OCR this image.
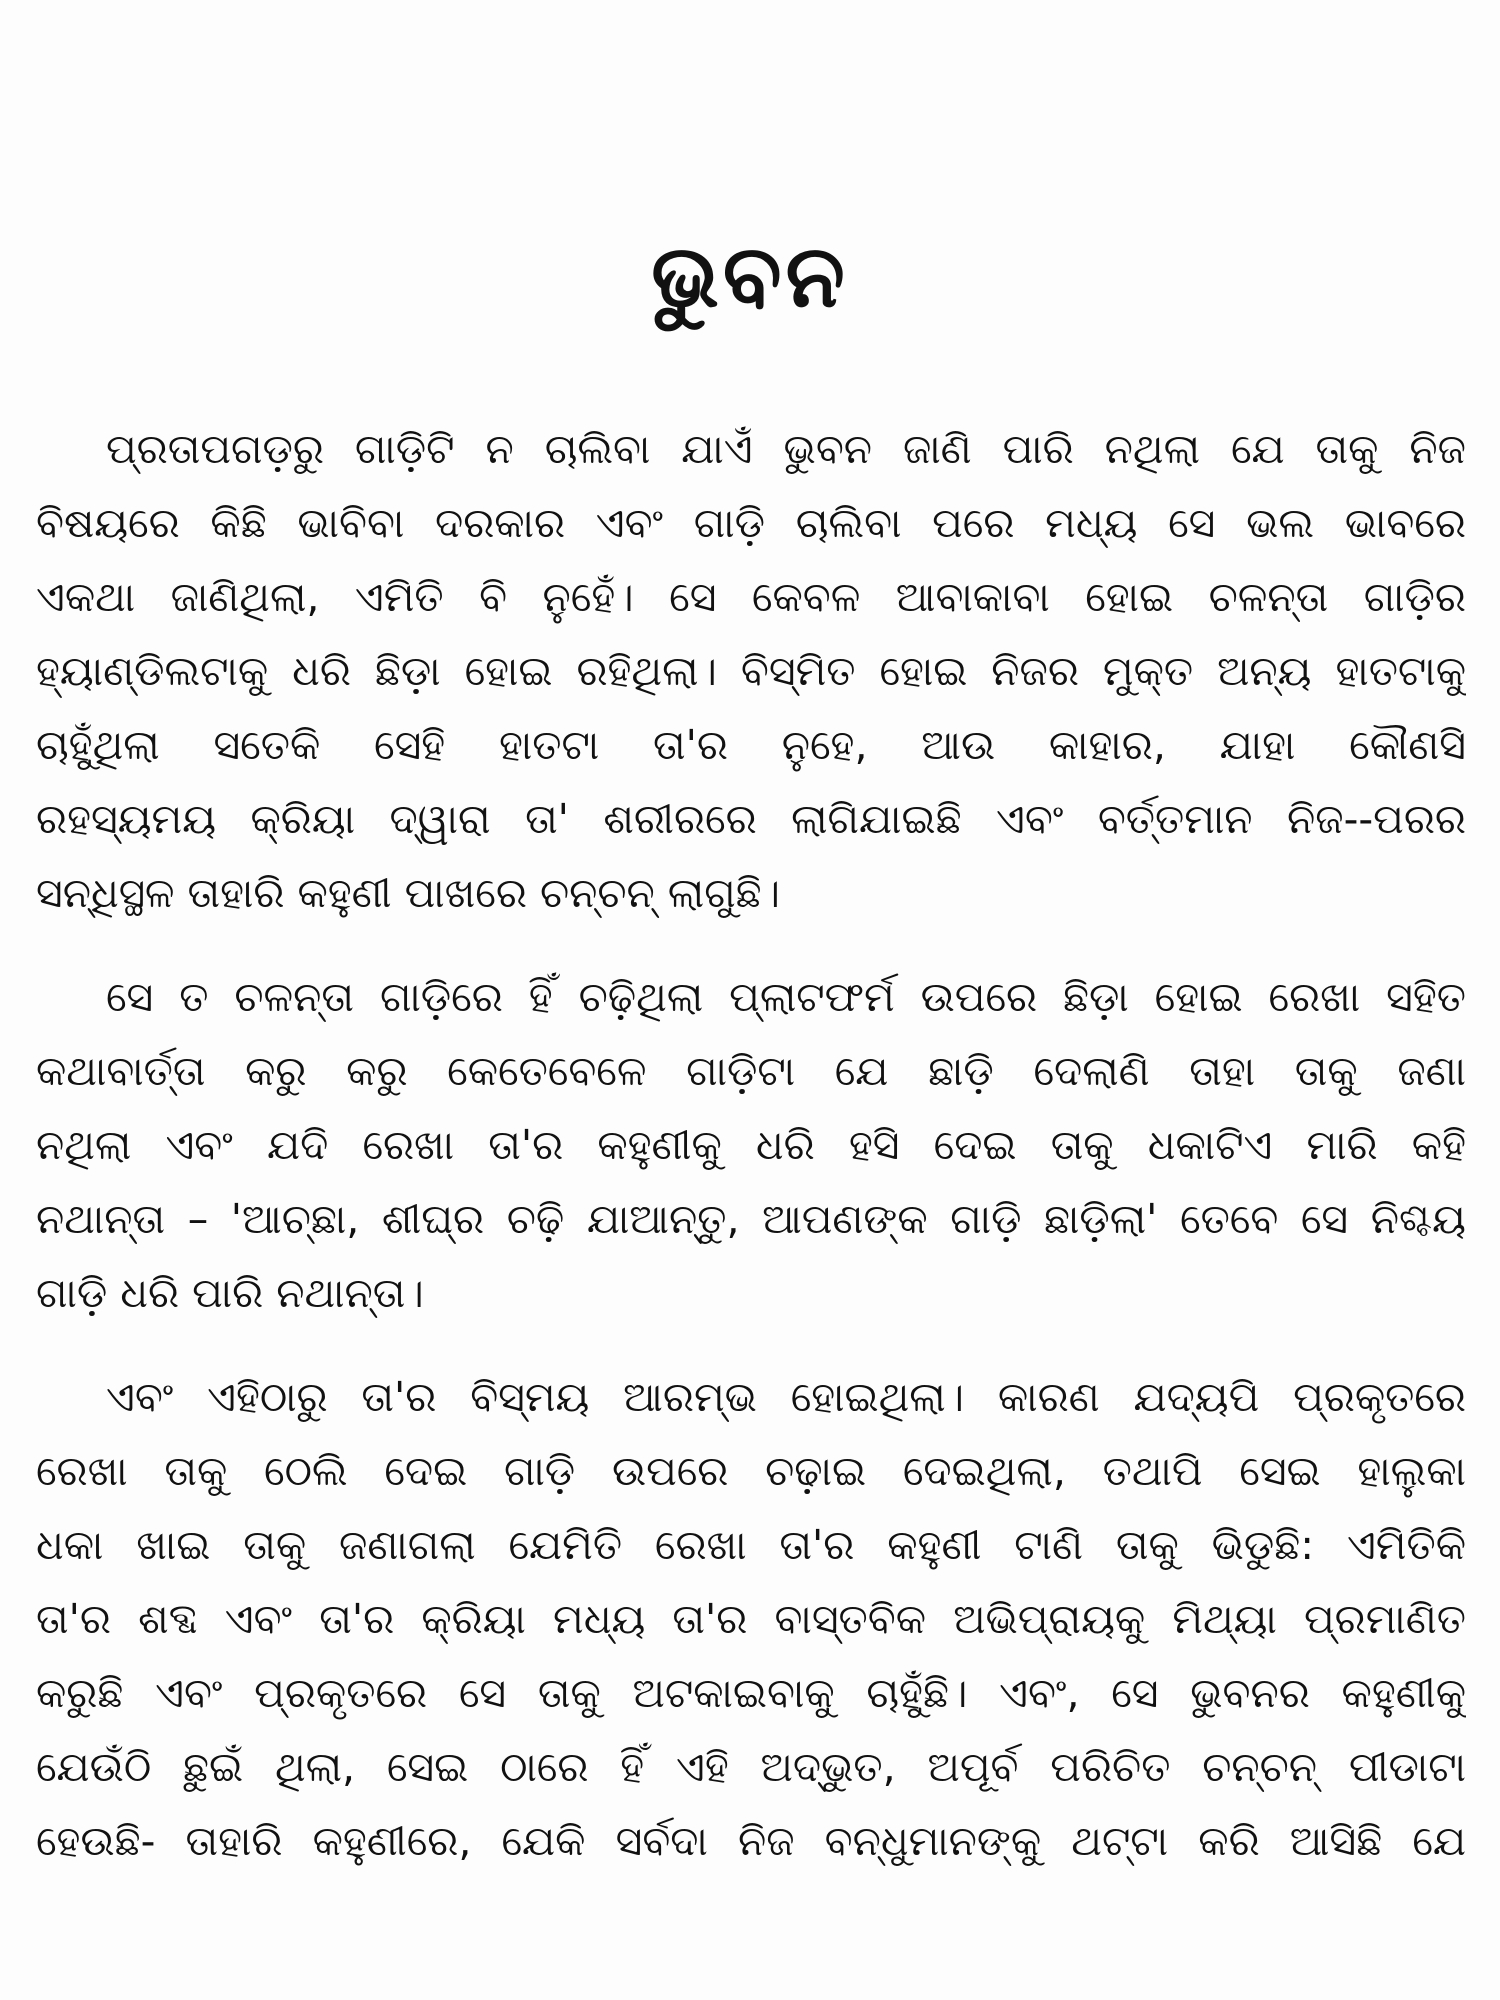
ଭୁବନ
ପ୍ରତାପଗଡ଼ରୁ ଗାଡ଼ିଟି ନ ଚାଲିବା ଯାଏଁ ଭୁବନ ଜାଣି ପାରି ନଥିଲା ଯେ ତାକୁ ନିଜ
ବିଷୟରେ କିଛି ଭାବିବା ଦରକାର ଏବଂ ଗାଡ଼ି ଚାଲିବା ପରେ ମଧ୍ୟ ସେ ଭଲ ଭାବରେ
ଏକଥା ଜାଣିଥିଲା, ଏମିତି ବି ନୁହେଁ। ସେ କେବଳ ଆବାକାବା ହୋଇ ଚଳନ୍ତା ଗାଡ଼ିର
ହ୍ୟାଣ୍ଡିଲଟାକୁ ଧରି ଛିଡ଼ା ହୋଇ ରହିଥିଲା। ବିସ୍ମିତ ହୋଇ ନିଜର ମୁକ୍ତ ଅନ୍ୟ ହାତଟାକୁ
ଚାହୁଁଥିଲା ସତେକି ସେହି ହାତଟା ତା'ର ନୁହେ, ଆଉ କାହାର, ଯାହା କୌଣସି
ରହସ୍ୟମୟ କ୍ରିୟା ଦ୍ୱାରା ତା' ଶରୀରରେ ଲାଗିଯାଇଛି ଏବଂ ବର୍ତ୍ତମାନ ନିଜ--ପରର
ସନ୍ଧିସ୍ଥଳ ତାହାରି କହୁଣୀ ପାଖରେ ଚନ୍‌ଚନ୍ ଲାଗୁଛି।
ସେ ତ ଚଳନ୍ତା ଗାଡ଼ିରେ ହିଁ ଚଢ଼ିଥିଲା ପ୍ଲାଟଫର୍ମ ଉପରେ ଛିଡ଼ା ହୋଇ ରେଖା ସହିତ
କଥାବାର୍ତ୍ତା କରୁ କରୁ କେତେବେଳେ ଗାଡ଼ିଟା ଯେ ଛାଡ଼ି ଦେଲାଣି ତାହା ତାକୁ ଜଣା
ନଥିଲା ଏବଂ ଯଦି ରେଖା ତା'ର କହୁଣୀକୁ ଧରି ହସି ଦେଇ ତାକୁ ଧକାଟିଏ ମାରି କହି
ନଥାନ୍ତା – 'ଆଚ୍ଛା, ଶୀଘ୍ର ଚଢ଼ି ଯାଆନ୍ତୁ, ଆପଣଙ୍କ ଗାଡ଼ି ଛାଡ଼ିଲା' ତେବେ ସେ ନିଶ୍ଚୟ
ଗାଡ଼ି ଧରି ପାରି ନଥାନ୍ତା।
ଏବଂ ଏହିଠାରୁ ତା'ର ବିସ୍ମୟ ଆରମ୍ଭ ହୋଇଥିଲା। କାରଣ ଯଦ୍ୟପି ପ୍ରକୃତରେ
ରେଖା ତାକୁ ଠେଲି ଦେଇ ଗାଡ଼ି ଉପରେ ଚଢ଼ାଇ ଦେଇଥିଲା, ତଥାପି ସେଇ ହାଲୁକା
ଧକା ଖାଇ ତାକୁ ଜଣାଗଲା ଯେମିତି ରେଖା ତା'ର କହୁଣୀ ଟାଣି ତାକୁ ଭିଡୁଛି: ଏମିତିକି
ତା'ର ଶବ୍ଦ ଏବଂ ତା'ର କ୍ରିୟା ମଧ୍ୟ ତା'ର ବାସ୍ତବିକ ଅଭିପ୍ରାୟକୁ ମିଥ୍ୟା ପ୍ରମାଣିତ
କରୁଛି ଏବଂ ପ୍ରକୃତରେ ସେ ତାକୁ ଅଟକାଇବାକୁ ଚାହୁଁଛି। ଏବଂ, ସେ ଭୁବନର କହୁଣୀକୁ
ଯେଉଁଠି ଛୁଇଁ ଥିଲା, ସେଇ ଠାରେ ହିଁ ଏହି ଅଦ୍ଭୁତ, ଅପୂର୍ବ ପରିଚିତ ଚନ୍‌ଚନ୍ ପୀଡାଟା
ହେଉଛି- ତାହାରି କହୁଣୀରେ, ଯେକି ସର୍ବଦା ନିଜ ବନ୍ଧୁମାନଙ୍କୁ ଥଟ୍ଟା କରି ଆସିଛି ଯେ
